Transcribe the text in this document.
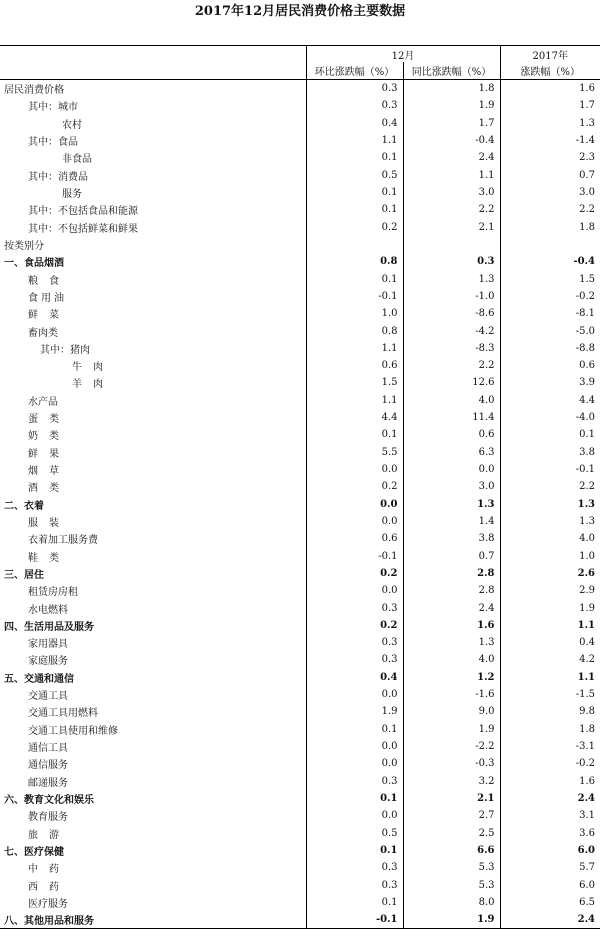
2017年12月居民消费价格主要数据
	12月		2017年
	环比涨跌幅（%）	同比涨跌幅（%）	涨跌幅（%）
居民消费价格	0.3	1.8	1.6
其中：城市	0.3	1.9	1.7
农村	0.4	1.7	1.3
其中：食品	1.1	-0.4	-1.4
非食品	0.1	2.4	2.3
其中：消费品	0.5	1.1	0.7
服务	0.1	3.0	3.0
其中：不包括食品和能源	0.1	2.2	2.2
其中：不包括鲜菜和鲜果	0.2	2.1	1.8
按类别分			
一、食品烟酒	0.8	0.3	-0.4
粮食	0.1	1.3	1.5
食用油	-0.1	-1.0	-0.2
鲜菜	1.0	-8.6	-8.1
畜肉类	0.8	-4.2	-5.0
其中：猪肉	1.1	-8.3	-8.8
牛肉	0.6	2.2	0.6
羊肉	1.5	12.6	3.9
水产品	1.1	4.0	4.4
蛋类	4.4	11.4	-4.0
奶类	0.1	0.6	0.1
鲜果	5.5	6.3	3.8
烟草	0.0	0.0	-0.1
酒类	0.2	3.0	2.2
二、衣着	0.0	1.3	1.3
服装	0.0	1.4	1.3
衣着加工服务费	0.6	3.8	4.0
鞋类	-0.1	0.7	1.0
三、居住	0.2	2.8	2.6
租赁房房租	0.0	2.8	2.9
水电燃料	0.3	2.4	1.9
四、生活用品及服务	0.2	1.6	1.1
家用器具	0.3	1.3	0.4
家庭服务	0.3	4.0	4.2
五、交通和通信	0.4	1.2	1.1
交通工具	0.0	-1.6	-1.5
交通工具用燃料	1.9	9.0	9.8
交通工具使用和维修	0.1	1.9	1.8
通信工具	0.0	-2.2	-3.1
通信服务	0.0	-0.3	-0.2
邮递服务	0.3	3.2	1.6
六、教育文化和娱乐	0.1	2.1	2.4
教育服务	0.0	2.7	3.1
旅游	0.5	2.5	3.6
七、医疗保健	0.1	6.6	6.0
中药	0.3	5.3	5.7
西药	0.3	5.3	6.0
医疗服务	0.1	8.0	6.5
八、其他用品和服务	-0.1	1.9	2.4
